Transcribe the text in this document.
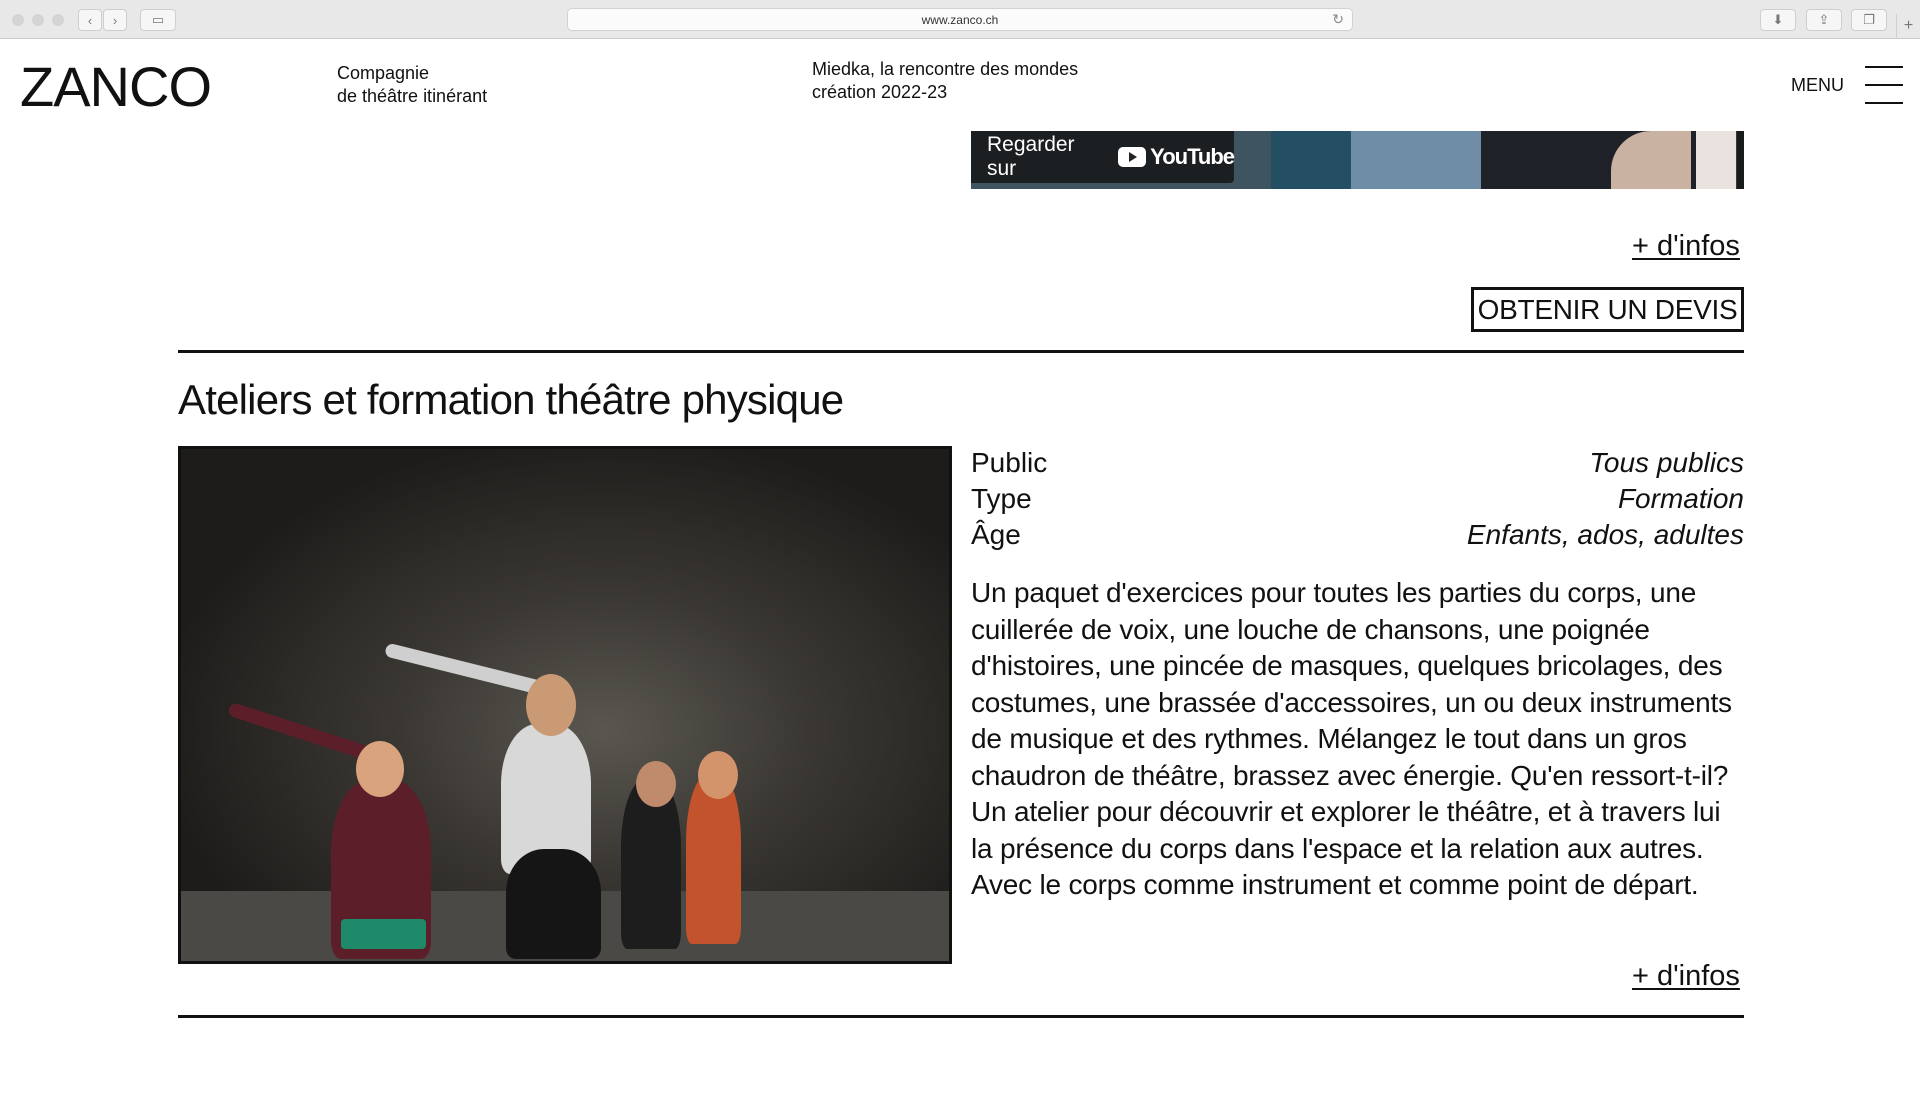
‹ ›	▭	www.zanco.ch	↻	⬇	⇪	❐	+
ZANCO	Compagnie
de théâtre itinérant
Miedka, la rencontre des mondes
création 2022-23	MENU
Regarder sur	YouTube
+ d'infos
OBTENIR UN DEVIS
Ateliers et formation théâtre physique
Public	Tous publics
Type	Formation
Âge	Enfants, ados, adultes

Un paquet d'exercices pour toutes les parties du corps, une cuillerée de voix, une louche de chansons, une poignée d'histoires, une pincée de masques, quelques bricolages, des costumes, une brassée d'accessoires, un ou deux instruments de musique et des rythmes. Mélangez le tout dans un gros chaudron de théâtre, brassez avec énergie. Qu'en ressort-t-il? Un atelier pour découvrir et explorer le théâtre, et à travers lui la présence du corps dans l'espace et la relation aux autres. Avec le corps comme instrument et comme point de départ.

+ d'infos
